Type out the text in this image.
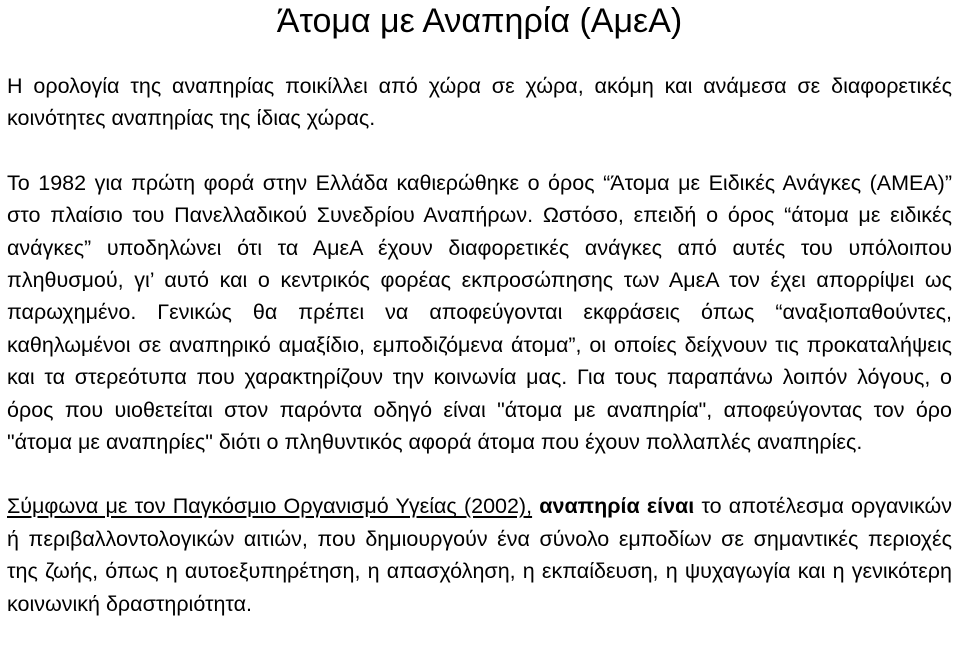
Άτομα με Αναπηρία (ΑμεΑ)

Η ορολογία της αναπηρίας ποικίλλει από χώρα σε χώρα, ακόμη και ανάμεσα σε διαφορετικές κοινότητες αναπηρίας της ίδιας χώρας.

Το 1982 για πρώτη φορά στην Ελλάδα καθιερώθηκε ο όρος “Άτομα με Ειδικές Ανάγκες (ΑΜΕΑ)” στο πλαίσιο του Πανελλαδικού Συνεδρίου Αναπήρων. Ωστόσο, επειδή ο όρος “άτομα με ειδικές ανάγκες” υποδηλώνει ότι τα ΑμεΑ έχουν διαφορετικές ανάγκες από αυτές του υπόλοιπου πληθυσμού, γι’ αυτό και ο κεντρικός φορέας εκπροσώπησης των ΑμεΑ τον έχει απορρίψει ως παρωχημένο. Γενικώς θα πρέπει να αποφεύγονται εκφράσεις όπως “αναξιοπαθούντες, καθηλωμένοι σε αναπηρικό αμαξίδιο, εμποδιζόμενα άτομα”, οι οποίες δείχνουν τις προκαταλήψεις και τα στερεότυπα που χαρακτηρίζουν την κοινωνία μας. Για τους παραπάνω λοιπόν λόγους, ο όρος που υιοθετείται στον παρόντα οδηγό είναι "άτομα με αναπηρία", αποφεύγοντας τον όρο "άτομα με αναπηρίες" διότι ο πληθυντικός αφορά άτομα που έχουν πολλαπλές αναπηρίες.

Σύμφωνα με τον Παγκόσμιο Οργανισμό Υγείας (2002), αναπηρία είναι το αποτέλεσμα οργανικών ή περιβαλλοντολογικών αιτιών, που δημιουργούν ένα σύνολο εμποδίων σε σημαντικές περιοχές της ζωής, όπως η αυτοεξυπηρέτηση, η απασχόληση, η εκπαίδευση, η ψυχαγωγία και η γενικότερη κοινωνική δραστηριότητα.
